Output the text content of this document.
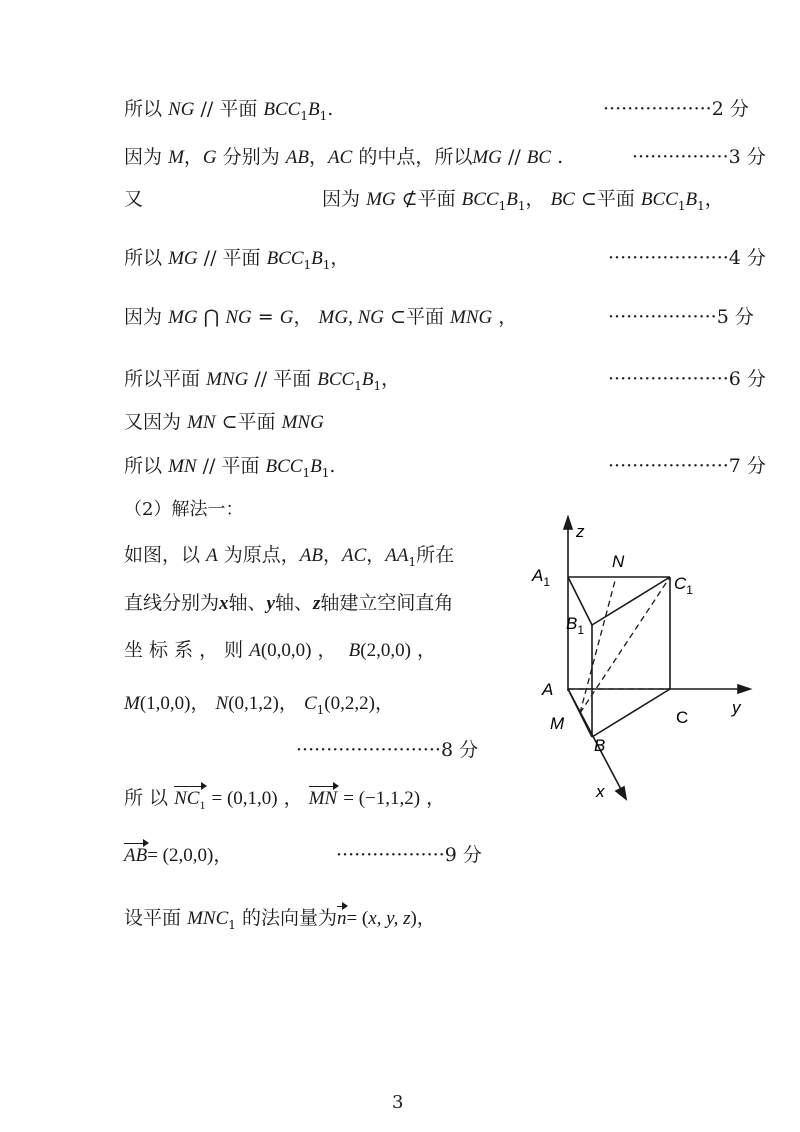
所以 NG // 平面 $BCC_1B_1$.	··················2 分
因为 M，G 分别为 AB，AC 的中点，所以MG // BC .	················3 分
又	因为 MG ⊄平面 $BCC_1B_1$， BC ⊂平面 $BCC_1B_1$，
所以 MG // 平面 $BCC_1B_1$，	····················4 分
因为 MG ⋂ NG = G， MG, NG ⊂平面 MNG ，	··················5 分
所以平面 MNG // 平面 $BCC_1B_1$，	····················6 分
又因为 MN ⊂平面 MNG
所以 MN // 平面 $BCC_1B_1$.	····················7 分
（2）解法一：
如图，以 A 为原点，AB，AC，$AA_1$所在
直线分别为x轴、y轴、z轴建立空间直角
坐 标 系 ， 则 A(0,0,0) ， B(2,0,0) ，
M(1,0,0)， N(0,1,2)， $C_1(0,2,2)$，
························8 分
所 以 $NC_1 = (0,1,0)$ ， MN = (−1,1,2) ，
AB= (2,0,0)，	··················9 分
设平面 $MNC_1$ 的法向量为n= (x, y, z)，
z
y
x
$A_1$
N
$C_1$
$B_1$
A
M	C
B
3
